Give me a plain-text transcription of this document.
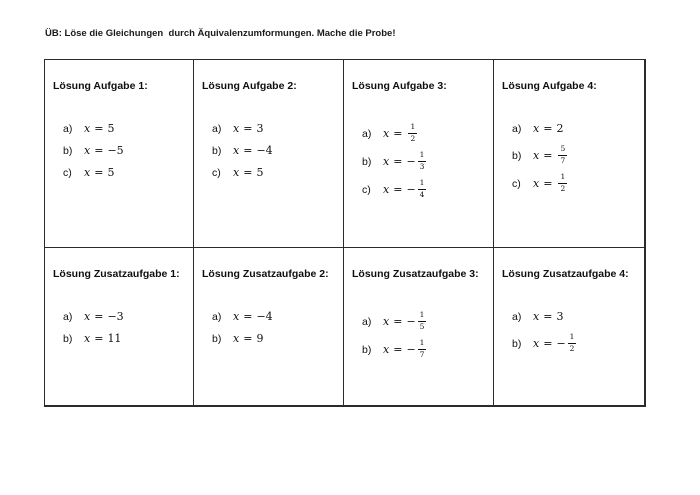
ÜB: Löse die Gleichungen  durch Äquivalenzumformungen. Mache die Probe!
Lösung Aufgabe 1:
a)	x = 5
b)	x = −5
c)	x = 5
Lösung Aufgabe 2:
a)	x = 3
b)	x = −4
c)	x = 5
Lösung Aufgabe 3:
a)	$x = \frac{1}{2}$
b)	x = − $\frac{1}{3}$
c)	x = − $\frac{1}{4}$
Lösung Aufgabe 4:
a)	x = 2
b)	$x = \frac{5}{7}$
c)	$x = \frac{1}{2}$
Lösung Zusatzaufgabe 1:
a)	x = −3
b)	x = 11
Lösung Zusatzaufgabe 2:
a)	x = −4
b)	x = 9
Lösung Zusatzaufgabe 3:
a)	x = − $\frac{1}{5}$
b)	x = − $\frac{1}{7}$
Lösung Zusatzaufgabe 4:
a)	x = 3
b)	x = − $\frac{1}{2}$
